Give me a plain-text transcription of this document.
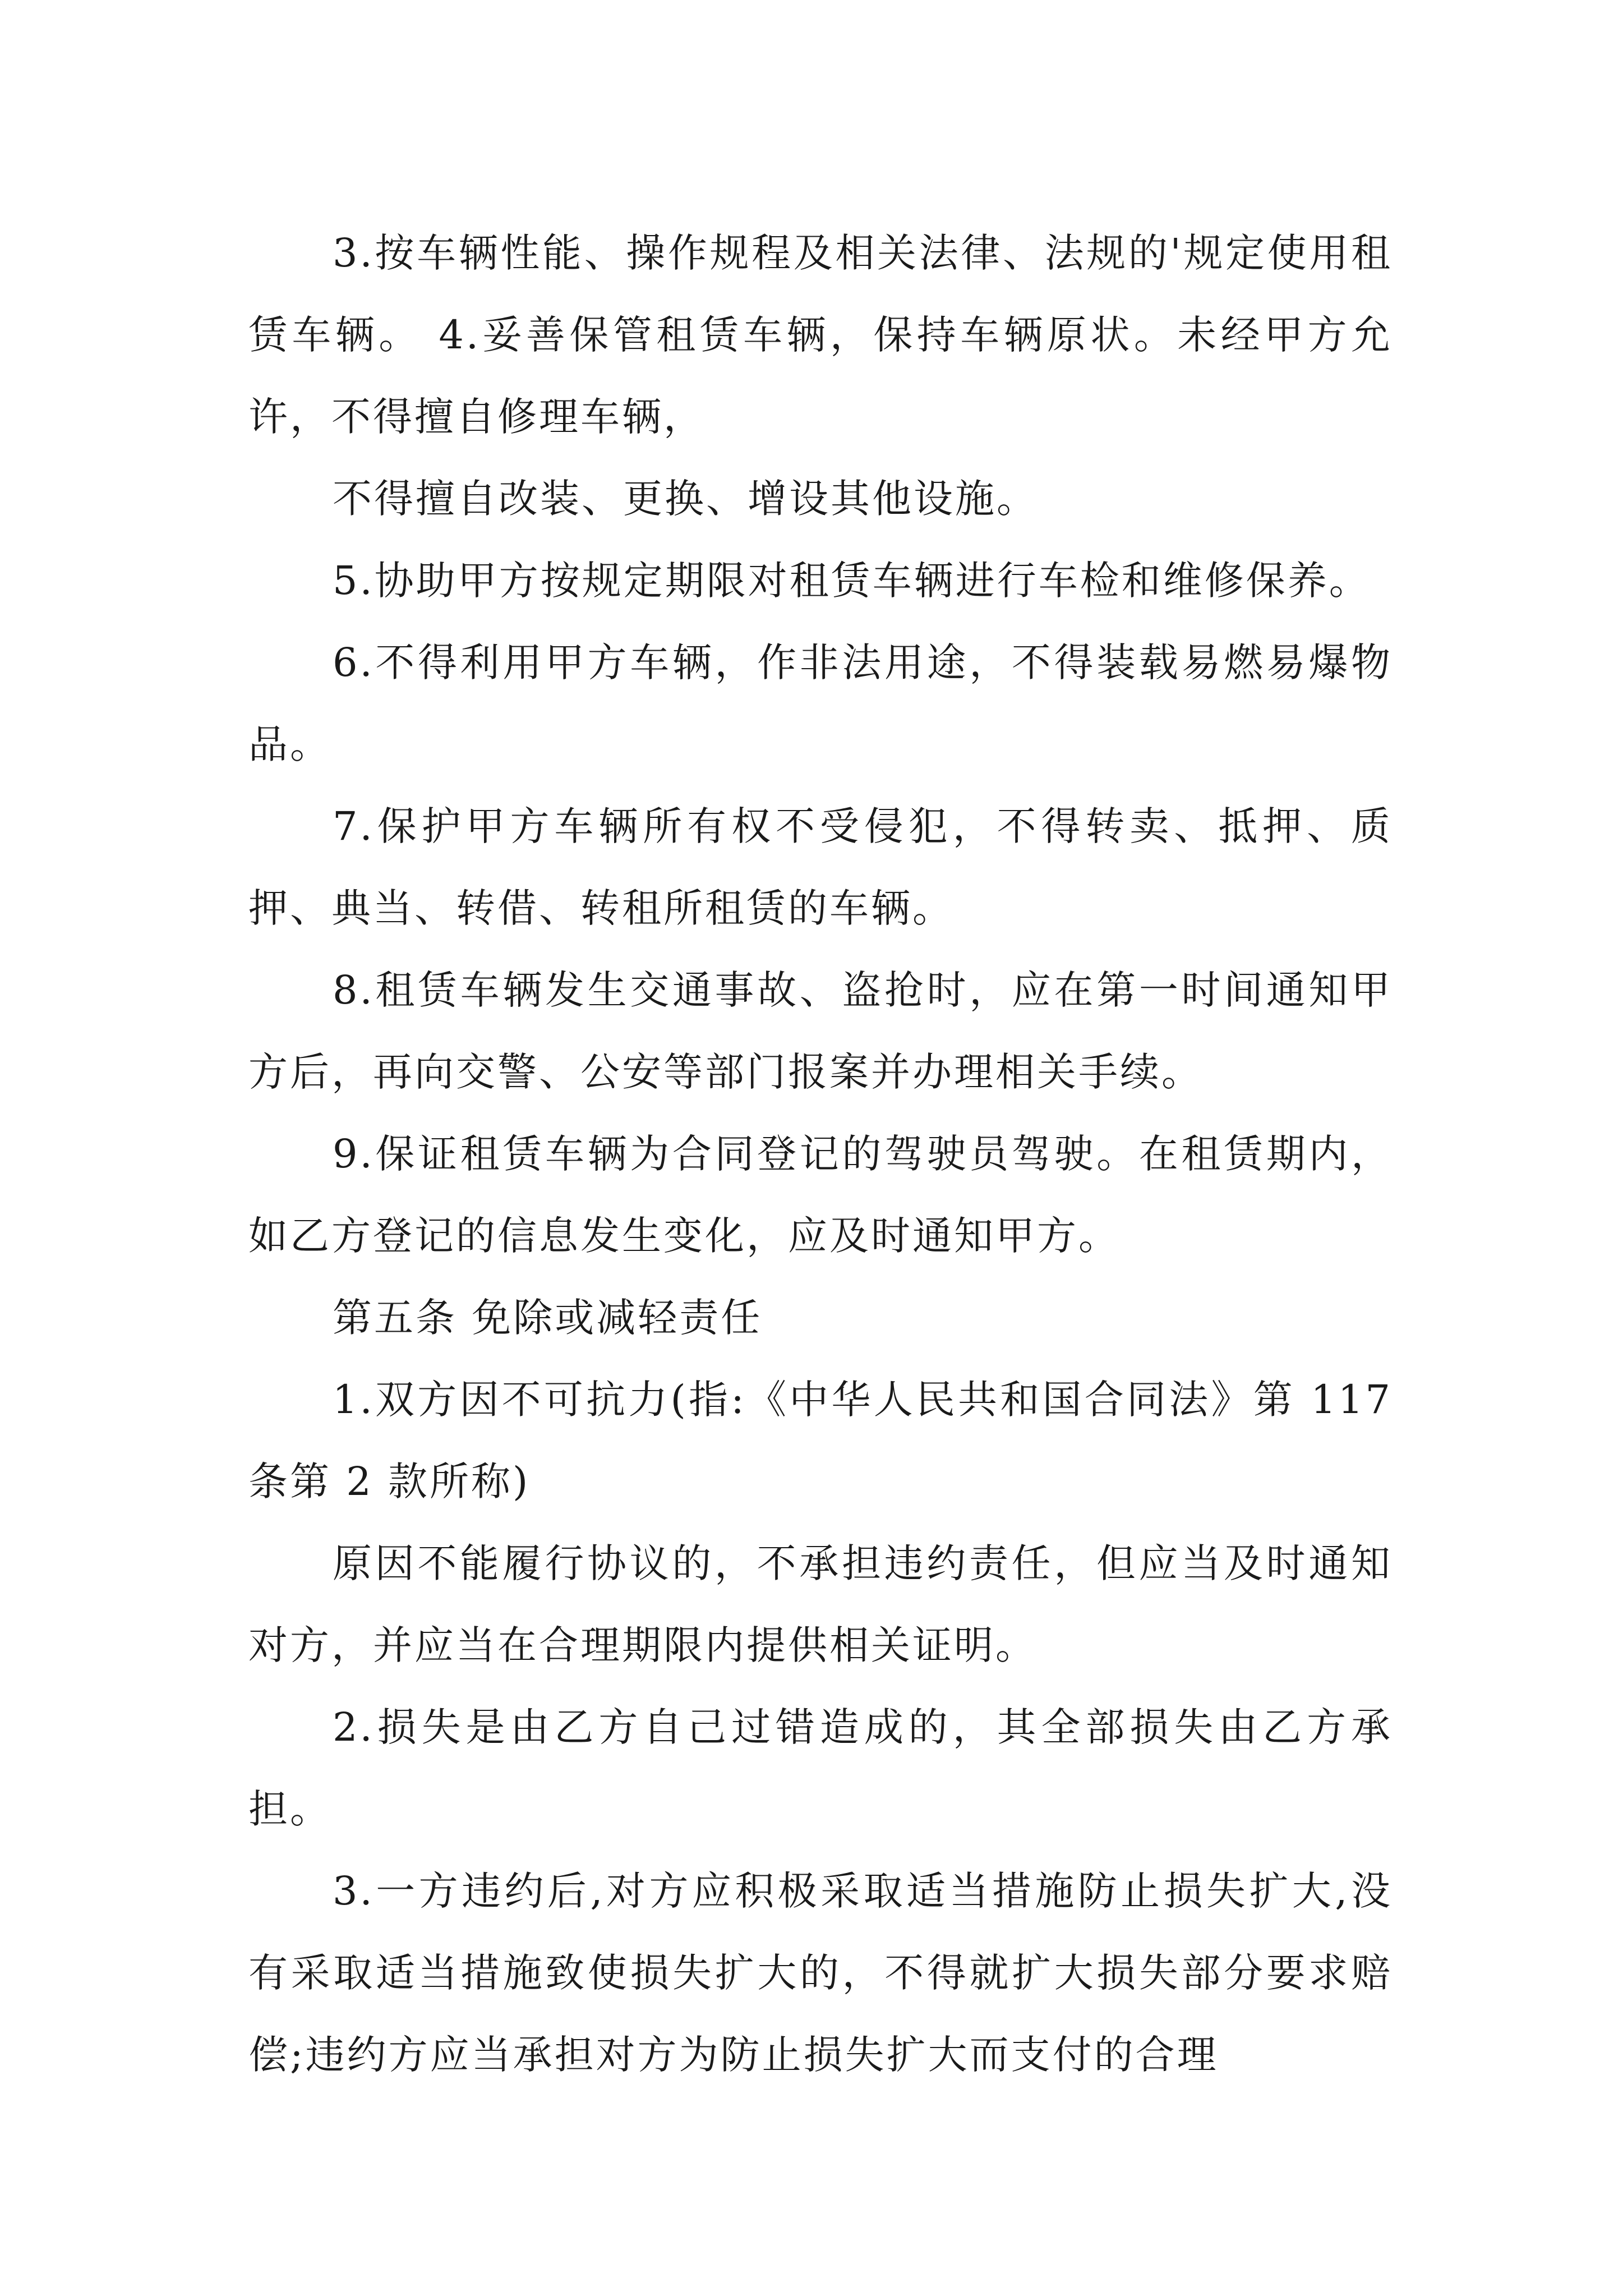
3.按车辆性能、操作规程及相关法律、法规的'规定使用租赁车辆。 4.妥善保管租赁车辆，保持车辆原状。未经甲方允许，不得擅自修理车辆，

不得擅自改装、更换、增设其他设施。

5.协助甲方按规定期限对租赁车辆进行车检和维修保养。

6.不得利用甲方车辆，作非法用途，不得装载易燃易爆物品。

7.保护甲方车辆所有权不受侵犯，不得转卖、抵押、质押、典当、转借、转租所租赁的车辆。

8.租赁车辆发生交通事故、盗抢时，应在第一时间通知甲方后，再向交警、公安等部门报案并办理相关手续。

9.保证租赁车辆为合同登记的驾驶员驾驶。在租赁期内，如乙方登记的信息发生变化，应及时通知甲方。

第五条 免除或减轻责任

1.双方因不可抗力(指:《中华人民共和国合同法》第 117 条第 2 款所称)

原因不能履行协议的，不承担违约责任，但应当及时通知对方，并应当在合理期限内提供相关证明。

2.损失是由乙方自己过错造成的，其全部损失由乙方承担。

3.一方违约后,对方应积极采取适当措施防止损失扩大,没有采取适当措施致使损失扩大的，不得就扩大损失部分要求赔偿;违约方应当承担对方为防止损失扩大而支付的合理
